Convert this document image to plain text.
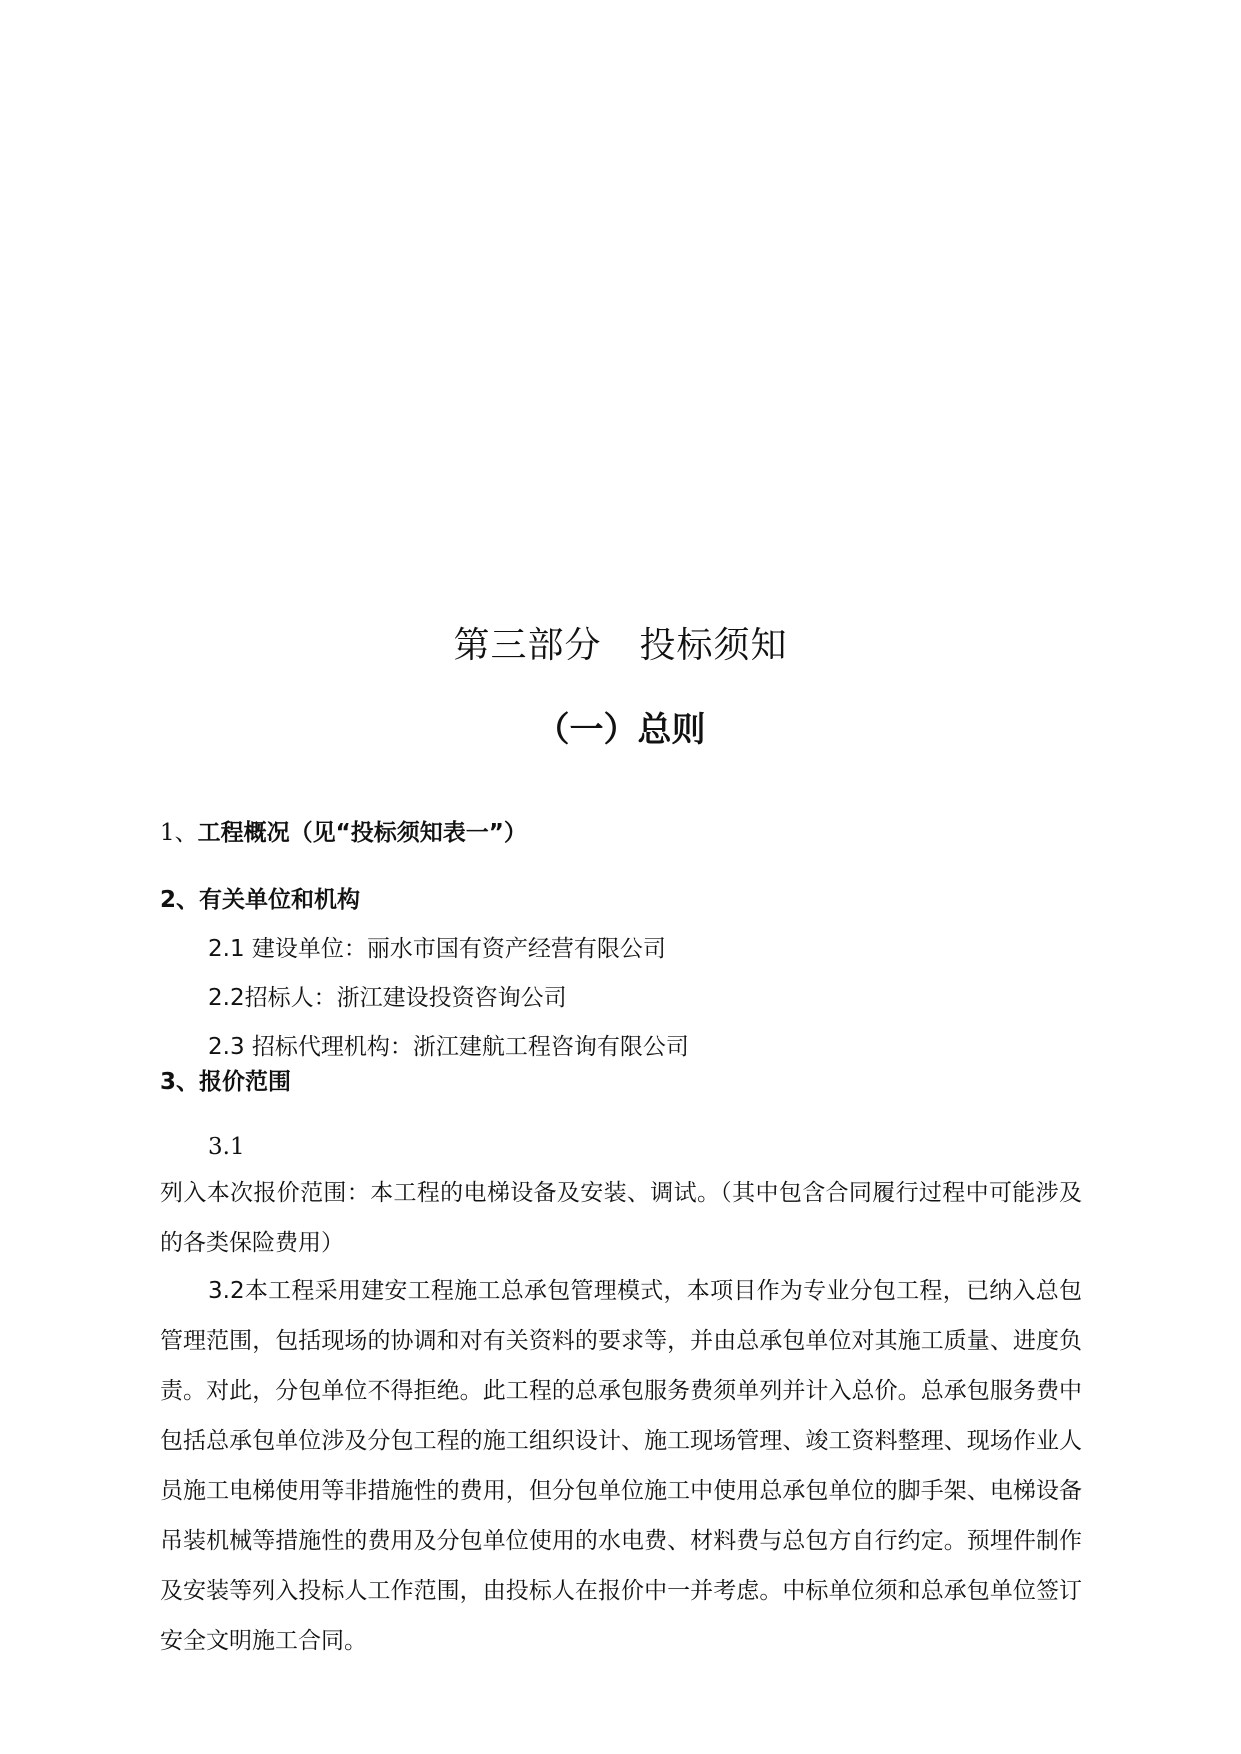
第三部分 投标须知
（一）总则
1、工程概况（见“投标须知表一”）
2、有关单位和机构
2.1 建设单位：丽水市国有资产经营有限公司
2.2招标人：浙江建设投资咨询公司
2.3 招标代理机构：浙江建航工程咨询有限公司
3、报价范围
3.1
列入本次报价范围：本工程的电梯设备及安装、调试。（其中包含合同履行过程中可能涉及的各类保险费用）
3.2本工程采用建安工程施工总承包管理模式，本项目作为专业分包工程，已纳入总包管理范围，包括现场的协调和对有关资料的要求等，并由总承包单位对其施工质量、进度负责。对此，分包单位不得拒绝。此工程的总承包服务费须单列并计入总价。总承包服务费中包括总承包单位涉及分包工程的施工组织设计、施工现场管理、竣工资料整理、现场作业人员施工电梯使用等非措施性的费用，但分包单位施工中使用总承包单位的脚手架、电梯设备吊装机械等措施性的费用及分包单位使用的水电费、材料费与总包方自行约定。预埋件制作及安装等列入投标人工作范围，由投标人在报价中一并考虑。中标单位须和总承包单位签订安全文明施工合同。
